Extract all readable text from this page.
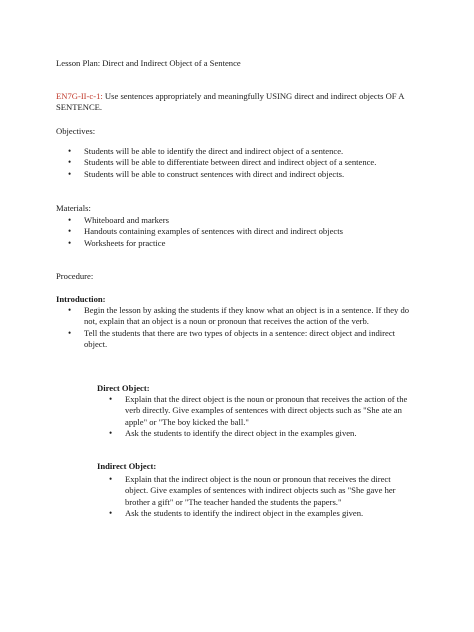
Lesson Plan: Direct and Indirect Object of a Sentence
EN7G-II-c-1: Use sentences appropriately and meaningfully USING direct and indirect objects OF A SENTENCE.
Objectives:
• Students will be able to identify the direct and indirect object of a sentence.
• Students will be able to differentiate between direct and indirect object of a sentence.
• Students will be able to construct sentences with direct and indirect objects.
Materials:
• Whiteboard and markers
• Handouts containing examples of sentences with direct and indirect objects
• Worksheets for practice
Procedure:
Introduction:
• Begin the lesson by asking the students if they know what an object is in a sentence. If they do not, explain that an object is a noun or pronoun that receives the action of the verb.
• Tell the students that there are two types of objects in a sentence: direct object and indirect object.
Direct Object:
• Explain that the direct object is the noun or pronoun that receives the action of the verb directly. Give examples of sentences with direct objects such as "She ate an apple" or "The boy kicked the ball."
• Ask the students to identify the direct object in the examples given.
Indirect Object:
• Explain that the indirect object is the noun or pronoun that receives the direct object. Give examples of sentences with indirect objects such as "She gave her brother a gift" or "The teacher handed the students the papers."
• Ask the students to identify the indirect object in the examples given.
